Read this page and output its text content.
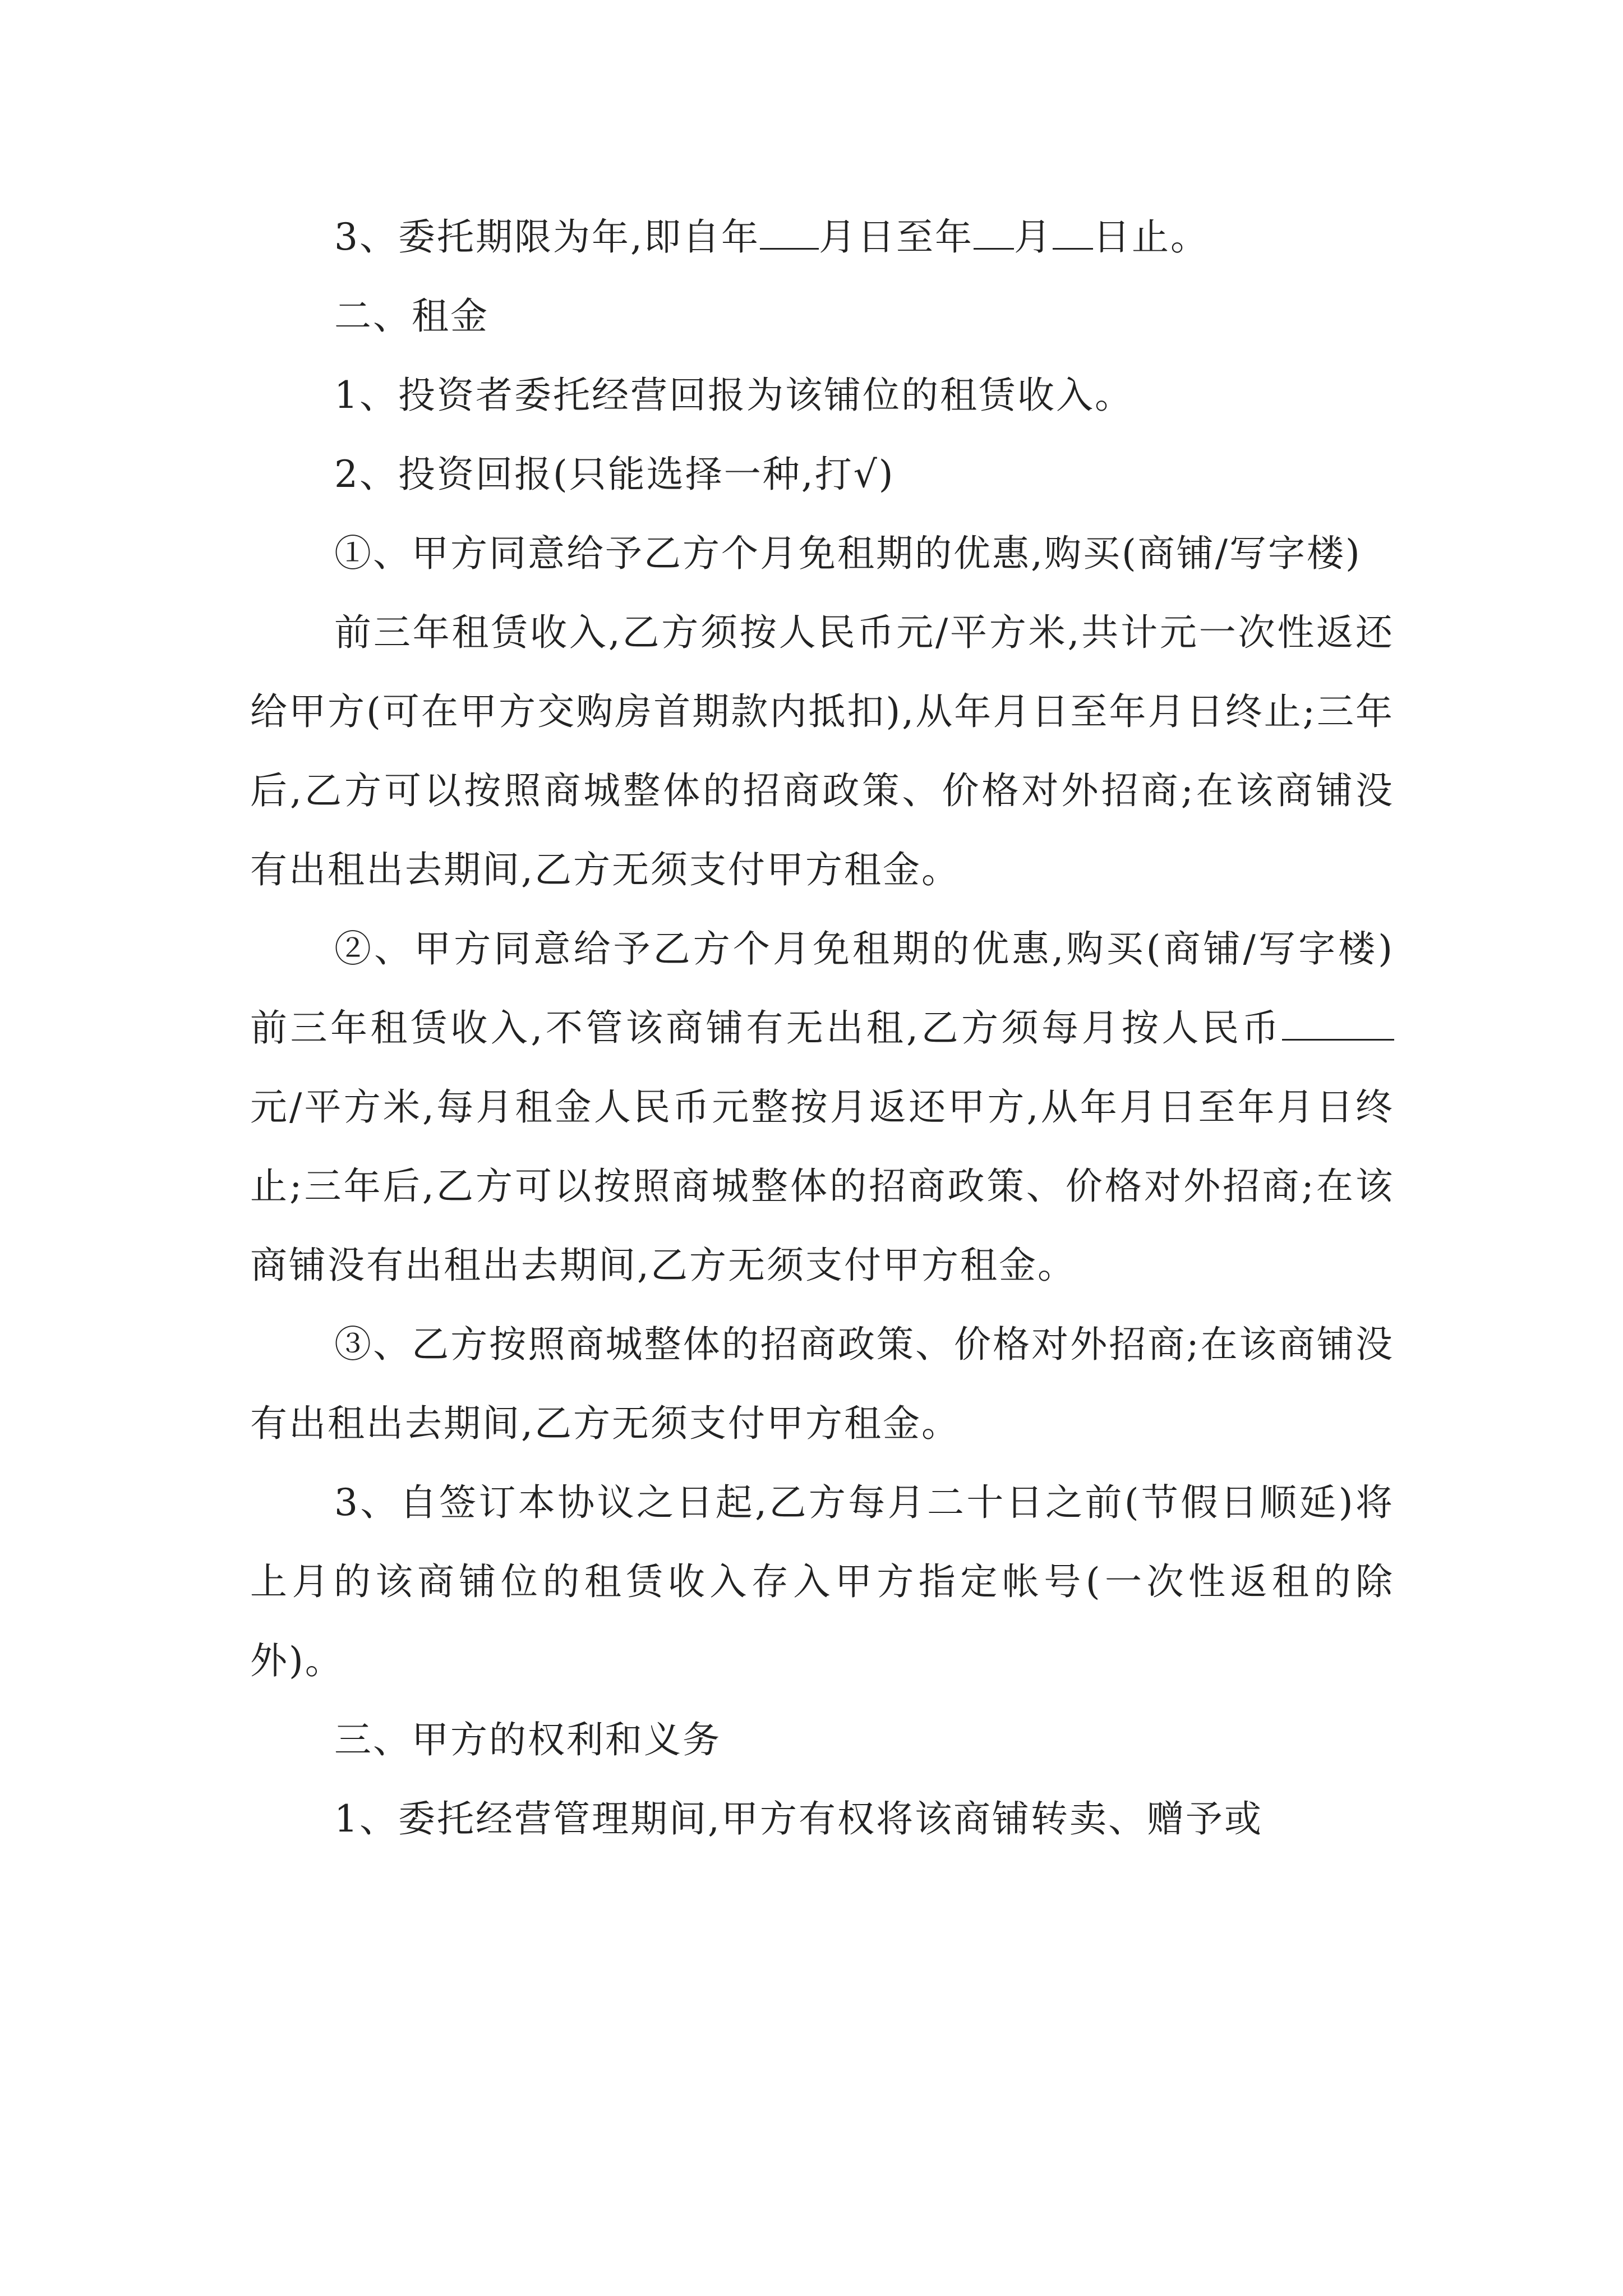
3、委托期限为年,即自年 月日至年 月 日止。

二、租金

1、投资者委托经营回报为该铺位的租赁收入。

2、投资回报(只能选择一种,打√)

①、甲方同意给予乙方个月免租期的优惠,购买(商铺/写字楼)

前三年租赁收入,乙方须按人民币元/平方米,共计元一次性返还给甲方(可在甲方交购房首期款内抵扣),从年月日至年月日终止;三年后,乙方可以按照商城整体的招商政策、价格对外招商;在该商铺没有出租出去期间,乙方无须支付甲方租金。

②、甲方同意给予乙方个月免租期的优惠,购买(商铺/写字楼)前三年租赁收入,不管该商铺有无出租,乙方须每月按人民币元/平方米,每月租金人民币元整按月返还甲方,从年月日至年月日终止;三年后,乙方可以按照商城整体的招商政策、价格对外招商;在该商铺没有出租出去期间,乙方无须支付甲方租金。

③、乙方按照商城整体的招商政策、价格对外招商;在该商铺没有出租出去期间,乙方无须支付甲方租金。

3、自签订本协议之日起,乙方每月二十日之前(节假日顺延)将上月的该商铺位的租赁收入存入甲方指定帐号(一次性返租的除外)。

三、甲方的权利和义务

1、委托经营管理期间,甲方有权将该商铺转卖、赠予或
